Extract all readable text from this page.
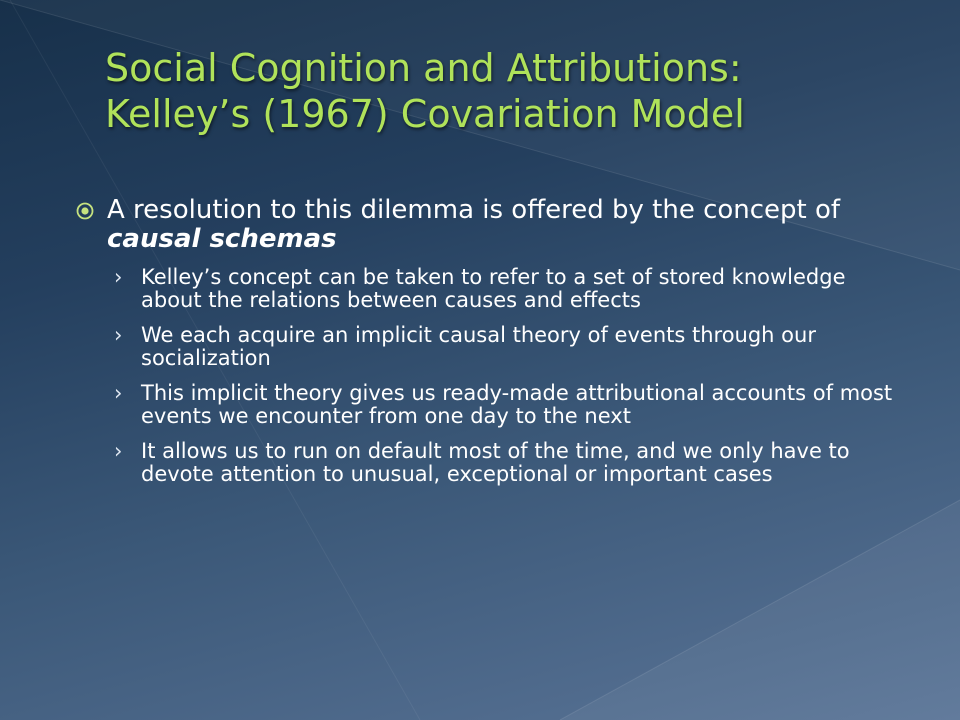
Social Cognition and Attributions:
Kelley’s (1967) Covariation Model
A resolution to this dilemma is offered by the concept of causal schemas
› Kelley’s concept can be taken to refer to a set of stored knowledge about the relations between causes and effects
› We each acquire an implicit causal theory of events through our socialization
› This implicit theory gives us ready-made attributional accounts of most events we encounter from one day to the next
› It allows us to run on default most of the time, and we only have to devote attention to unusual, exceptional or important cases
